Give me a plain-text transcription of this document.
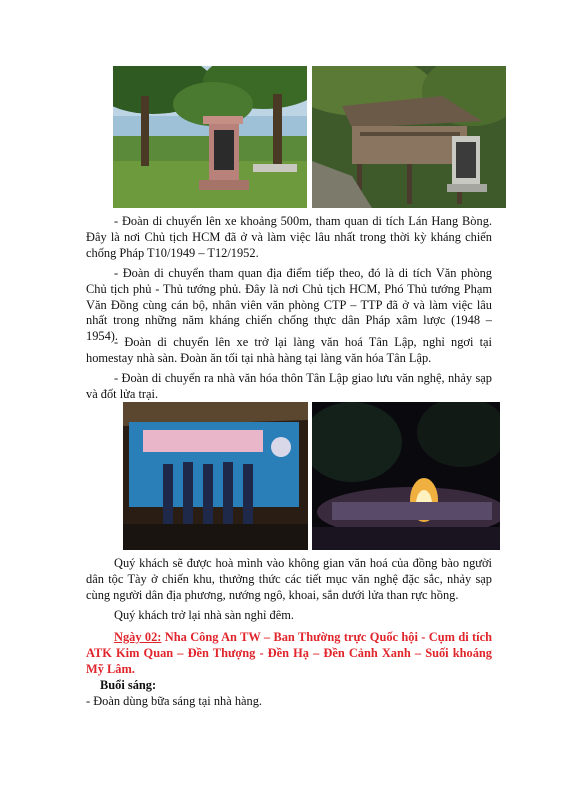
- Đoàn di chuyển lên xe khoảng 500m, tham quan di tích Lán Hang Bòng. Đây là nơi Chủ tịch HCM đã ở và làm việc lâu nhất trong thời kỳ kháng chiến chống Pháp T10/1949 – T12/1952.

- Đoàn di chuyển tham quan địa điểm tiếp theo, đó là di tích Văn phòng Chủ tịch phủ - Thủ tướng phủ. Đây là nơi Chủ tịch HCM, Phó Thủ tướng Phạm Văn Đồng cùng cán bộ, nhân viên văn phòng CTP – TTP đã ở và làm việc lâu nhất trong những năm kháng chiến chống thực dân Pháp xâm lược (1948 – 1954).

- Đoàn di chuyển lên xe trở lại làng văn hoá Tân Lập, nghỉ ngơi tại homestay nhà sàn. Đoàn ăn tối tại nhà hàng tại làng văn hóa Tân Lập.

- Đoàn di chuyển ra nhà văn hóa thôn Tân Lập giao lưu văn nghệ, nhảy sạp và đốt lửa trại.

Quý khách sẽ được hoà mình vào không gian văn hoá của đồng bào người dân tộc Tày ở chiến khu, thưởng thức các tiết mục văn nghệ đặc sắc, nhảy sạp cùng người dân địa phương, nướng ngô, khoai, sắn dưới lửa than rực hồng.

Quý khách trở lại nhà sàn nghỉ đêm.

Ngày 02: Nha Công An TW – Ban Thường trực Quốc hội - Cụm di tích ATK Kim Quan – Đền Thượng - Đền Hạ – Đền Cảnh Xanh – Suối khoáng Mỹ Lâm.

Buổi sáng:

- Đoàn dùng bữa sáng tại nhà hàng.
